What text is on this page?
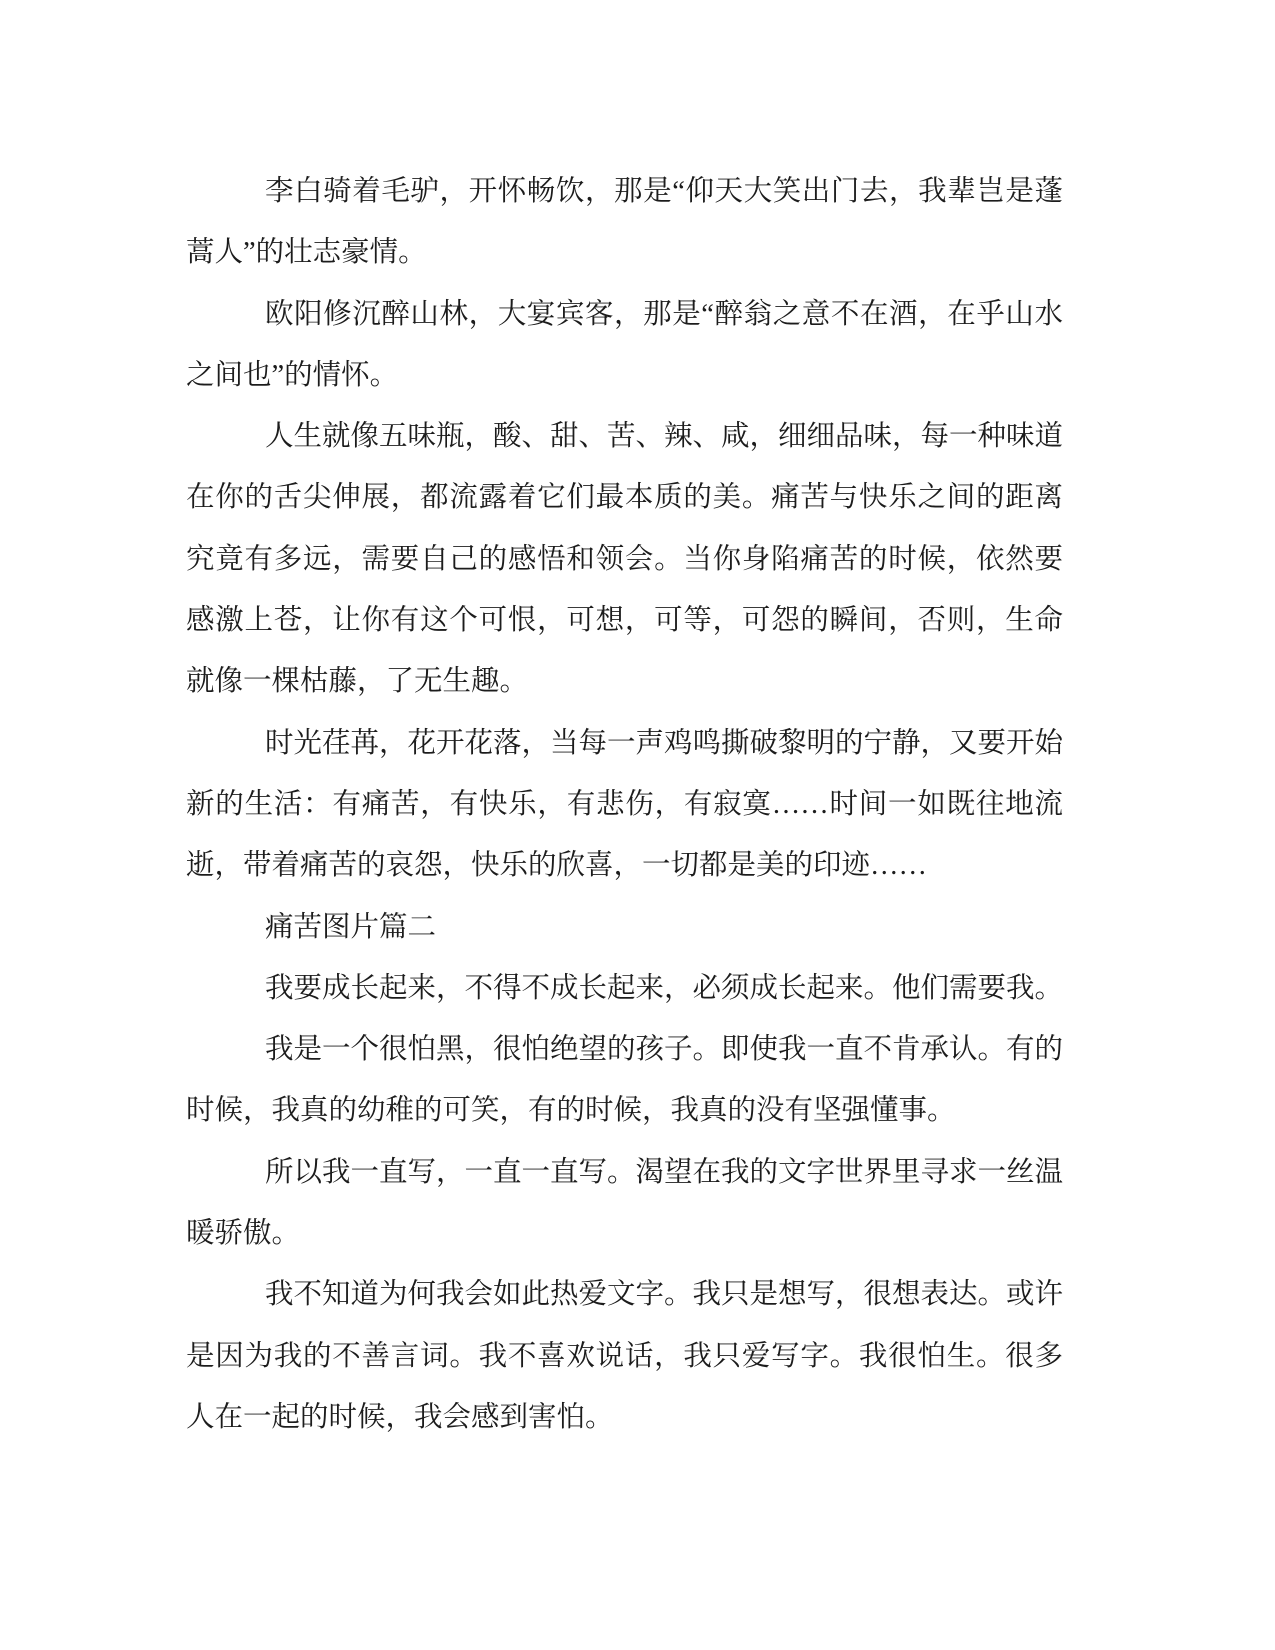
李白骑着毛驴，开怀畅饮，那是“仰天大笑出门去，我辈岂是蓬
蒿人”的壮志豪情。
欧阳修沉醉山林，大宴宾客，那是“醉翁之意不在酒，在乎山水
之间也”的情怀。
人生就像五味瓶，酸、甜、苦、辣、咸，细细品味，每一种味道
在你的舌尖伸展，都流露着它们最本质的美。痛苦与快乐之间的距离
究竟有多远，需要自己的感悟和领会。当你身陷痛苦的时候，依然要
感激上苍，让你有这个可恨，可想，可等，可怨的瞬间，否则，生命
就像一棵枯藤，了无生趣。
时光荏苒，花开花落，当每一声鸡鸣撕破黎明的宁静，又要开始
新的生活：有痛苦，有快乐，有悲伤，有寂寞……时间一如既往地流
逝，带着痛苦的哀怨，快乐的欣喜，一切都是美的印迹……
痛苦图片篇二
我要成长起来，不得不成长起来，必须成长起来。他们需要我。
我是一个很怕黑，很怕绝望的孩子。即使我一直不肯承认。有的
时候，我真的幼稚的可笑，有的时候，我真的没有坚强懂事。
所以我一直写，一直一直写。渴望在我的文字世界里寻求一丝温
暖骄傲。
我不知道为何我会如此热爱文字。我只是想写，很想表达。或许
是因为我的不善言词。我不喜欢说话，我只爱写字。我很怕生。很多
人在一起的时候，我会感到害怕。
